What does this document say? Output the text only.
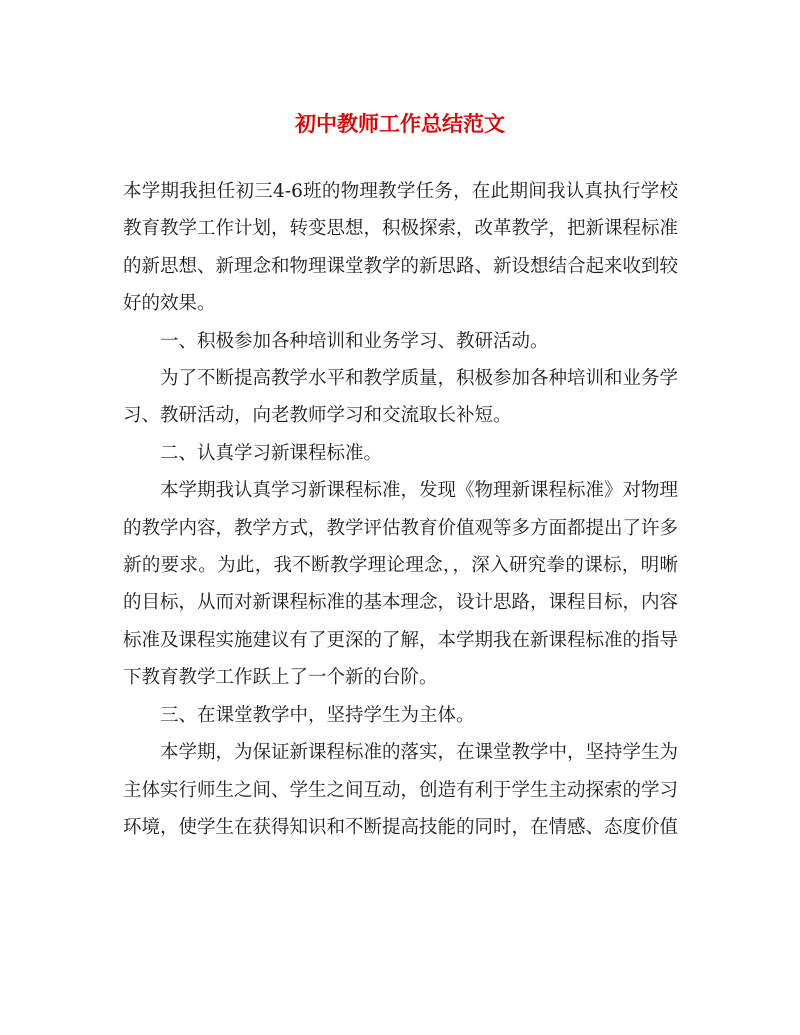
初中教师工作总结范文

本学期我担任初三4-6班的物理教学任务，在此期间我认真执行学校教育教学工作计划，转变思想，积极探索，改革教学，把新课程标准的新思想、新理念和物理课堂教学的新思路、新设想结合起来收到较好的效果。

一、积极参加各种培训和业务学习、教研活动。

为了不断提高教学水平和教学质量，积极参加各种培训和业务学习、教研活动，向老教师学习和交流取长补短。

二、认真学习新课程标准。

本学期我认真学习新课程标准，发现《物理新课程标准》对物理的教学内容，教学方式，教学评估教育价值观等多方面都提出了许多新的要求。为此，我不断教学理论理念，，深入研究拳的课标，明晰的目标，从而对新课程标准的基本理念，设计思路，课程目标，内容标准及课程实施建议有了更深的了解，本学期我在新课程标准的指导下教育教学工作跃上了一个新的台阶。

三、在课堂教学中，坚持学生为主体。

本学期，为保证新课程标准的落实，在课堂教学中，坚持学生为主体实行师生之间、学生之间互动，创造有利于学生主动探索的学习环境，使学生在获得知识和不断提高技能的同时，在情感、态度价值
